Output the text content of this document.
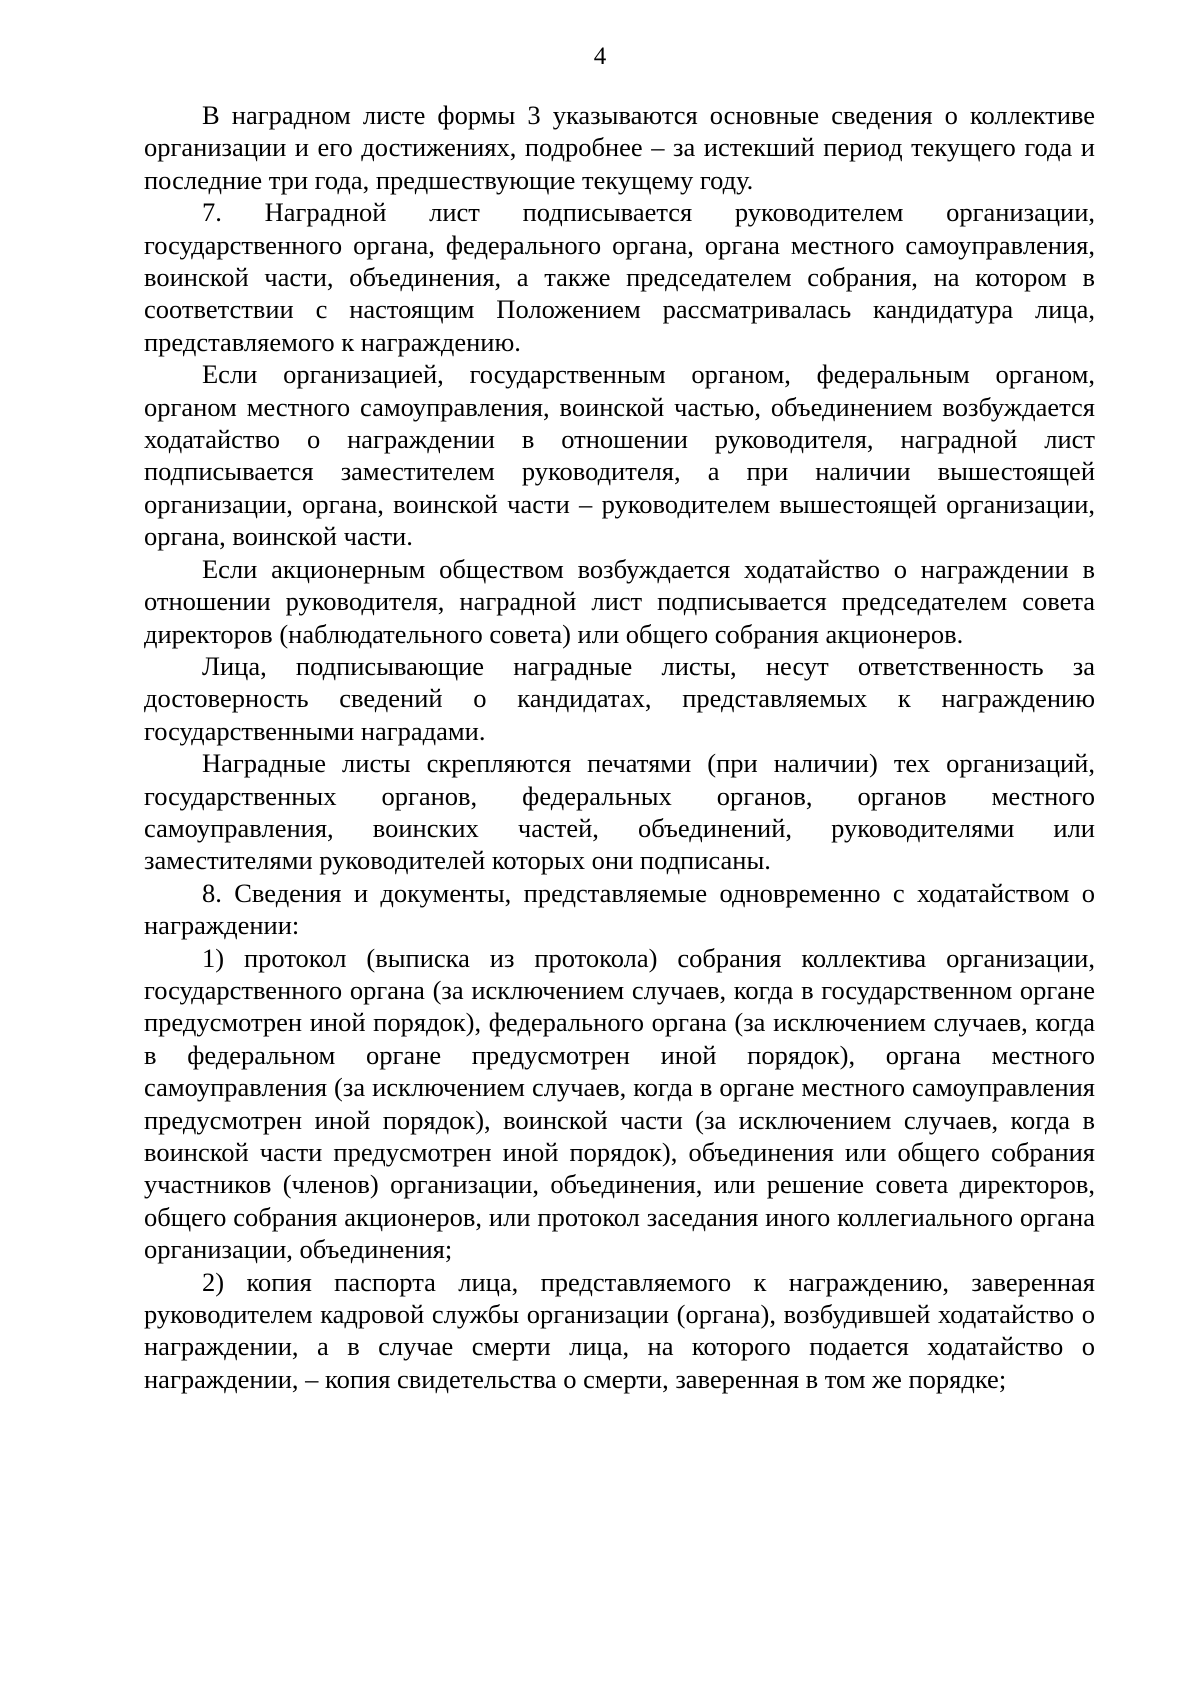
4

В наградном листе формы 3 указываются основные сведения о коллективе организации и его достижениях, подробнее – за истекший период текущего года и последние три года, предшествующие текущему году.

7. Наградной лист подписывается руководителем организации, государственного органа, федерального органа, органа местного самоуправления, воинской части, объединения, а также председателем собрания, на котором в соответствии с настоящим Положением рассматривалась кандидатура лица, представляемого к награждению.

Если организацией, государственным органом, федеральным органом, органом местного самоуправления, воинской частью, объединением возбуждается ходатайство о награждении в отношении руководителя, наградной лист подписывается заместителем руководителя, а при наличии вышестоящей организации, органа, воинской части – руководителем вышестоящей организации, органа, воинской части.

Если акционерным обществом возбуждается ходатайство о награждении в отношении руководителя, наградной лист подписывается председателем совета директоров (наблюдательного совета) или общего собрания акционеров.

Лица, подписывающие наградные листы, несут ответственность за достоверность сведений о кандидатах, представляемых к награждению государственными наградами.

Наградные листы скрепляются печатями (при наличии) тех организаций, государственных органов, федеральных органов, органов местного самоуправления, воинских частей, объединений, руководителями или заместителями руководителей которых они подписаны.

8. Сведения и документы, представляемые одновременно с ходатайством о награждении:

1) протокол (выписка из протокола) собрания коллектива организации, государственного органа (за исключением случаев, когда в государственном органе предусмотрен иной порядок), федерального органа (за исключением случаев, когда в федеральном органе предусмотрен иной порядок), органа местного самоуправления (за исключением случаев, когда в органе местного самоуправления предусмотрен иной порядок), воинской части (за исключением случаев, когда в воинской части предусмотрен иной порядок), объединения или общего собрания участников (членов) организации, объединения, или решение совета директоров, общего собрания акционеров, или протокол заседания иного коллегиального органа организации, объединения;

2) копия паспорта лица, представляемого к награждению, заверенная руководителем кадровой службы организации (органа), возбудившей ходатайство о награждении, а в случае смерти лица, на которого подается ходатайство о награждении, – копия свидетельства о смерти, заверенная в том же порядке;
